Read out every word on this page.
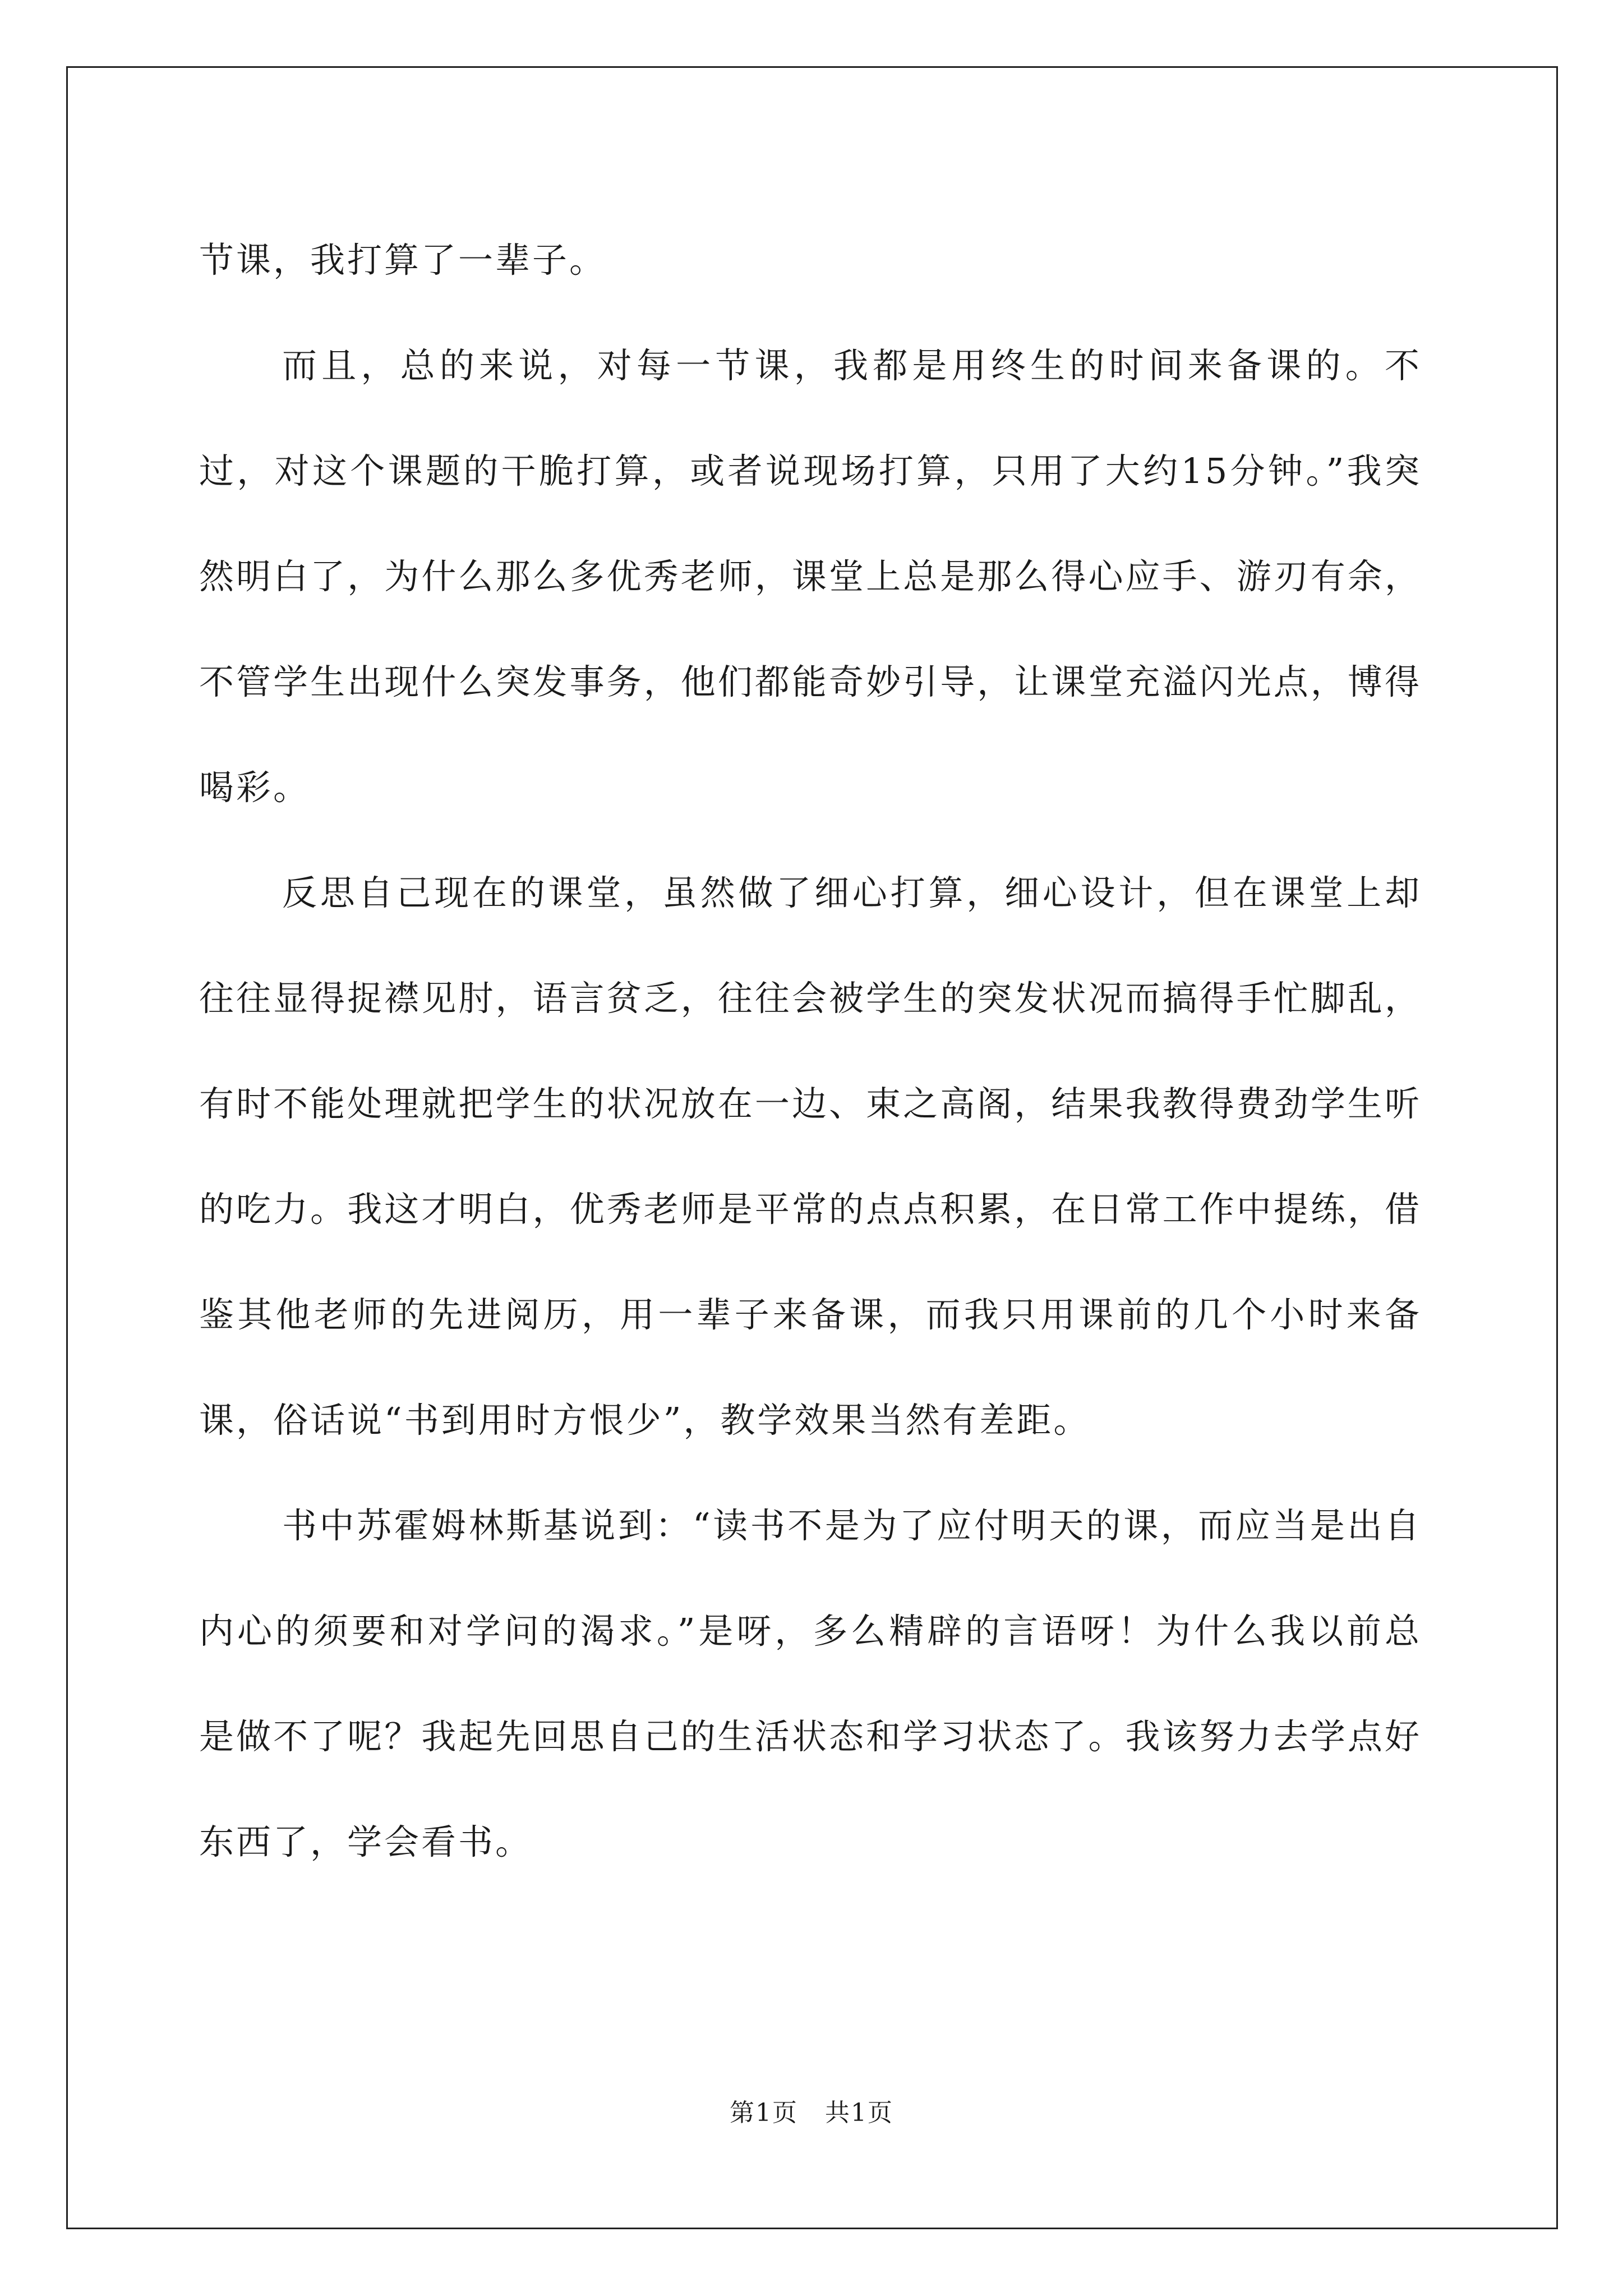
节课，我打算了一辈子。

而且，总的来说，对每一节课，我都是用终生的时间来备课的。不过，对这个课题的干脆打算，或者说现场打算，只用了大约15分钟。”我突然明白了，为什么那么多优秀老师，课堂上总是那么得心应手、游刃有余，不管学生出现什么突发事务，他们都能奇妙引导，让课堂充溢闪光点，博得喝彩。

反思自己现在的课堂，虽然做了细心打算，细心设计，但在课堂上却往往显得捉襟见肘，语言贫乏，往往会被学生的突发状况而搞得手忙脚乱，有时不能处理就把学生的状况放在一边、束之高阁，结果我教得费劲学生听的吃力。我这才明白，优秀老师是平常的点点积累，在日常工作中提练，借鉴其他老师的先进阅历，用一辈子来备课，而我只用课前的几个小时来备课，俗话说“书到用时方恨少”，教学效果当然有差距。

书中苏霍姆林斯基说到：“读书不是为了应付明天的课，而应当是出自内心的须要和对学问的渴求。”是呀，多么精辟的言语呀！为什么我以前总是做不了呢？我起先回思自己的生活状态和学习状态了。我该努力去学点好东西了，学会看书。

第1页 共1页
